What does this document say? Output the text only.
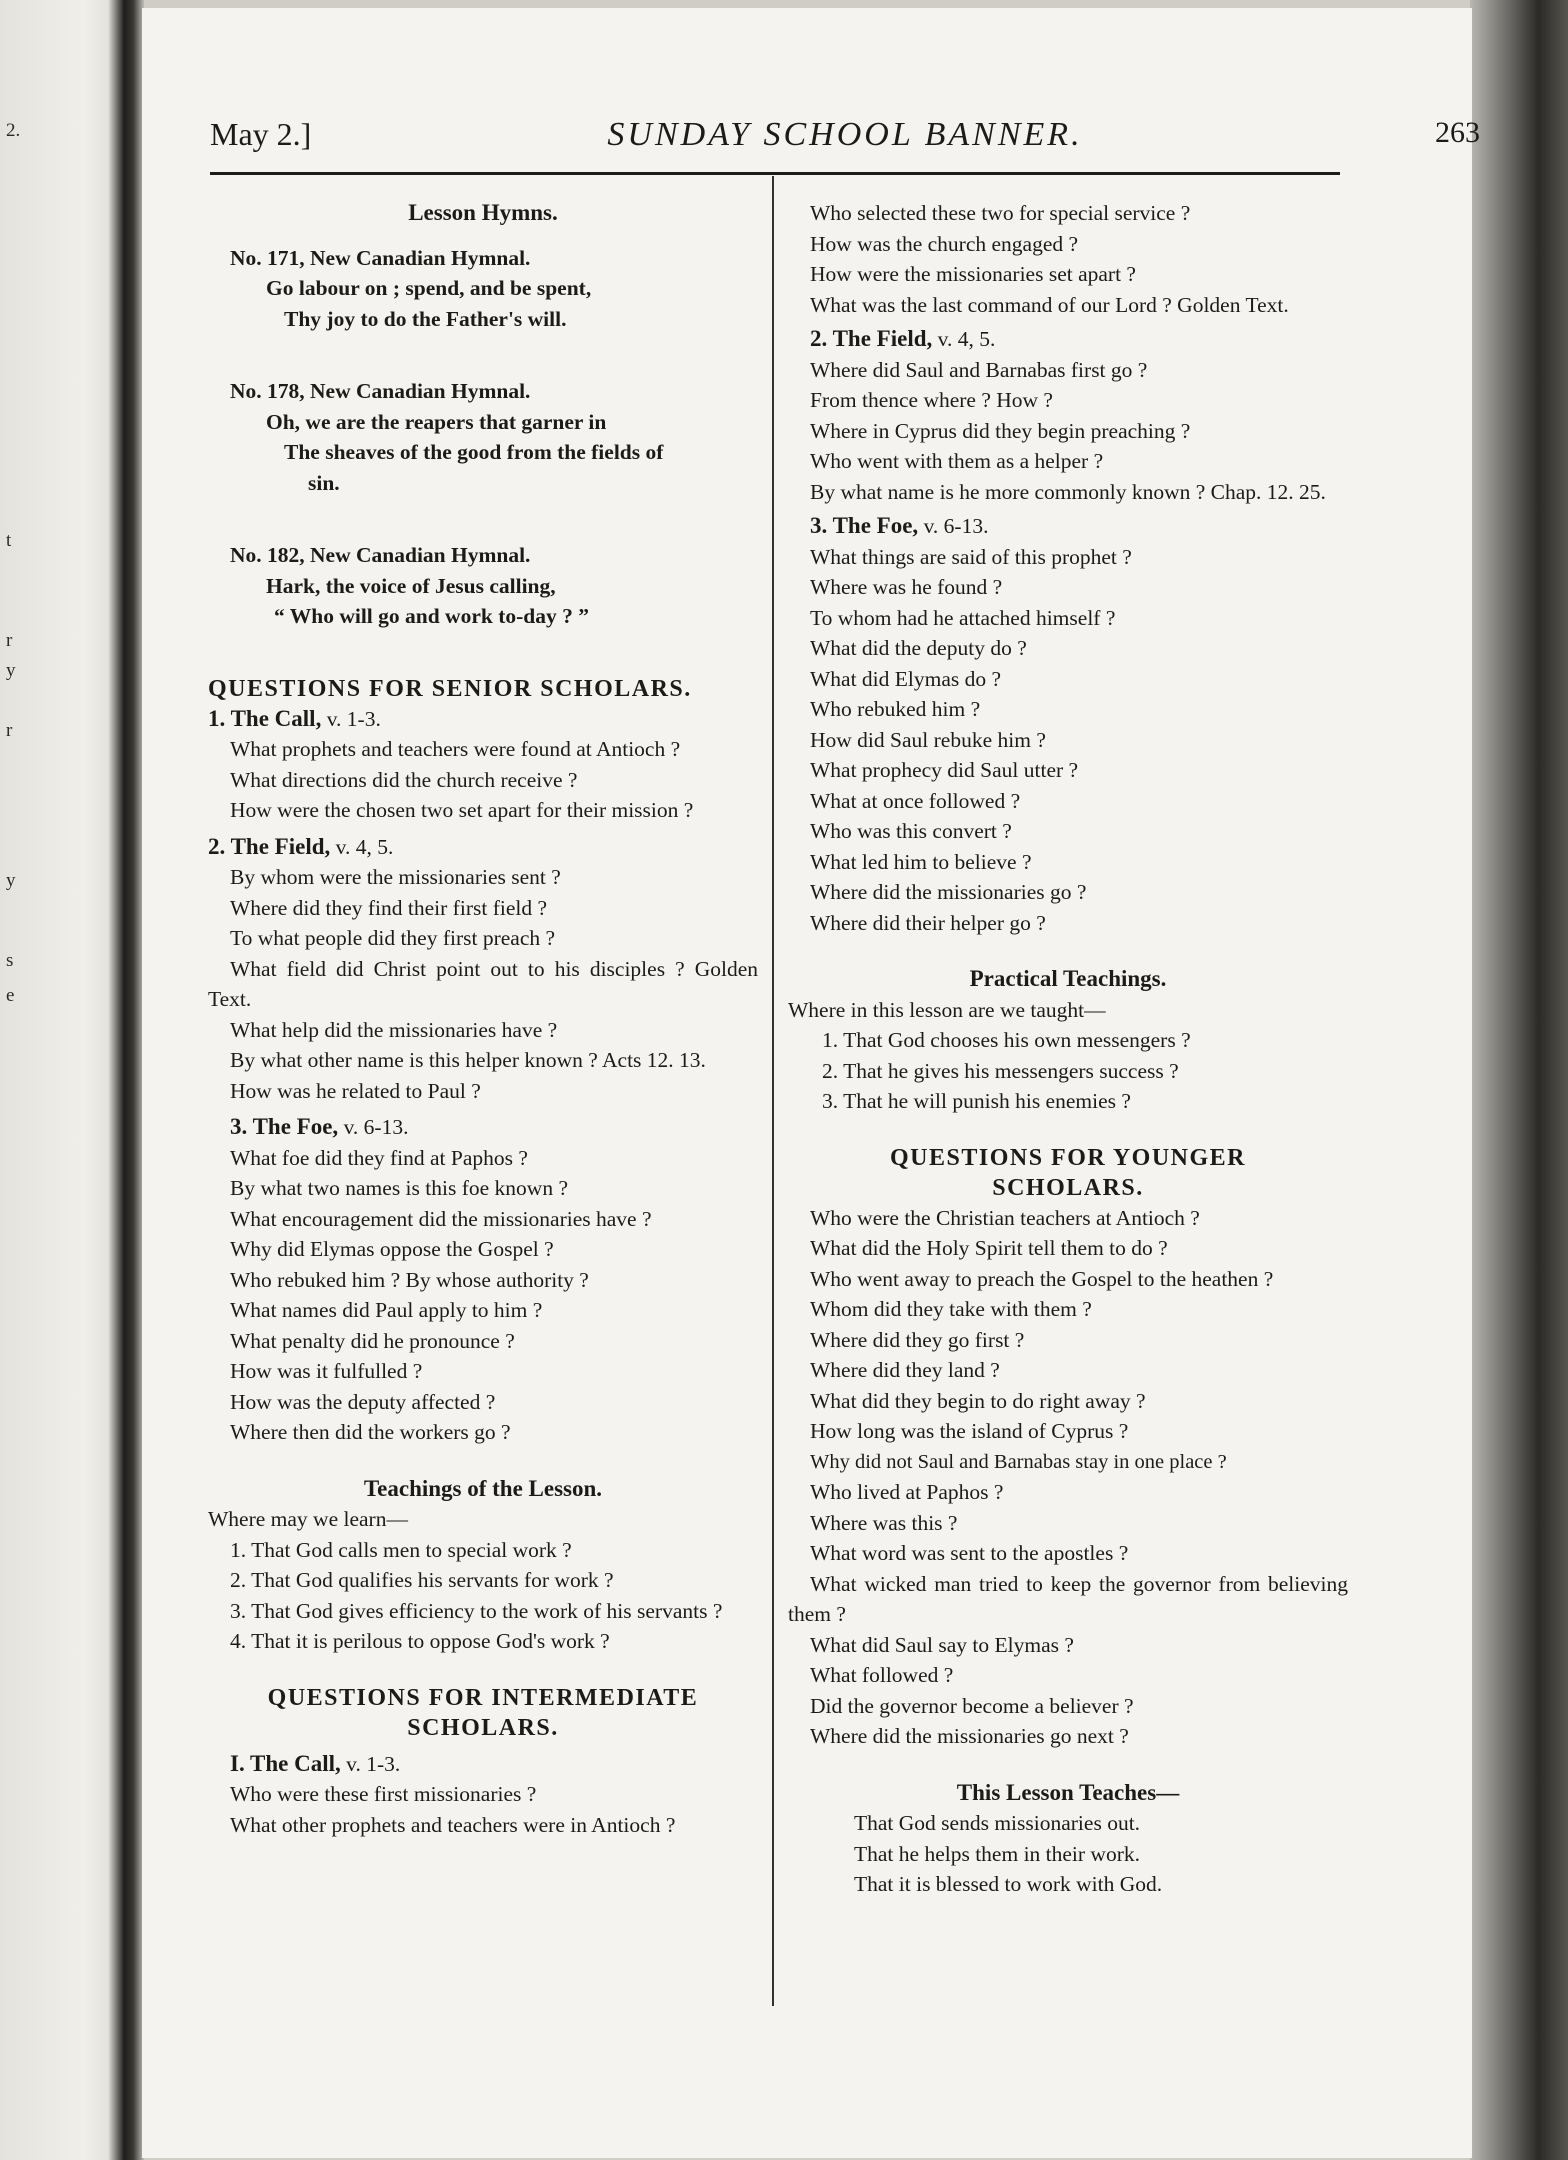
2.
t
r
y
r
s
y
e
May 2.]	SUNDAY SCHOOL BANNER.	263

Lesson Hymns.

No. 171, New Canadian Hymnal.

Go labour on ; spend, and be spent,

Thy joy to do the Father's will.

No. 178, New Canadian Hymnal.

Oh, we are the reapers that garner in

The sheaves of the good from the fields of

sin.

No. 182, New Canadian Hymnal.

Hark, the voice of Jesus calling,

“ Who will go and work to-day ? ”

QUESTIONS FOR SENIOR SCHOLARS.

1. The Call, v. 1-3.

What prophets and teachers were found at Antioch ?

What directions did the church receive ?

How were the chosen two set apart for their mission ?

2. The Field, v. 4, 5.

By whom were the missionaries sent ?

Where did they find their first field ?

To what people did they first preach ?

What field did Christ point out to his disciples ? Golden Text.

What help did the missionaries have ?

By what other name is this helper known ? Acts 12. 13.

How was he related to Paul ?

3. The Foe, v. 6-13.

What foe did they find at Paphos ?

By what two names is this foe known ?

What encouragement did the missionaries have ?

Why did Elymas oppose the Gospel ?

Who rebuked him ? By whose authority ?

What names did Paul apply to him ?

What penalty did he pronounce ?

How was it fulfulled ?

How was the deputy affected ?

Where then did the workers go ?

Teachings of the Lesson.

Where may we learn—

1. That God calls men to special work ?

2. That God qualifies his servants for work ?

3. That God gives efficiency to the work of his servants ?

4. That it is perilous to oppose God's work ?

QUESTIONS FOR INTERMEDIATE

SCHOLARS.

I. The Call, v. 1-3.

Who were these first missionaries ?

What other prophets and teachers were in Antioch ?

Who selected these two for special service ?

How was the church engaged ?

How were the missionaries set apart ?

What was the last command of our Lord ? Golden Text.

2. The Field, v. 4, 5.

Where did Saul and Barnabas first go ?

From thence where ? How ?

Where in Cyprus did they begin preaching ?

Who went with them as a helper ?

By what name is he more commonly known ? Chap. 12. 25.

3. The Foe, v. 6-13.

What things are said of this prophet ?

Where was he found ?

To whom had he attached himself ?

What did the deputy do ?

What did Elymas do ?

Who rebuked him ?

How did Saul rebuke him ?

What prophecy did Saul utter ?

What at once followed ?

Who was this convert ?

What led him to believe ?

Where did the missionaries go ?

Where did their helper go ?

Practical Teachings.

Where in this lesson are we taught—

1. That God chooses his own messengers ?

2. That he gives his messengers success ?

3. That he will punish his enemies ?

QUESTIONS FOR YOUNGER

SCHOLARS.

Who were the Christian teachers at Antioch ?

What did the Holy Spirit tell them to do ?

Who went away to preach the Gospel to the heathen ?

Whom did they take with them ?

Where did they go first ?

Where did they land ?

What did they begin to do right away ?

How long was the island of Cyprus ?

Why did not Saul and Barnabas stay in one place ?

Who lived at Paphos ?

Where was this ?

What word was sent to the apostles ?

What wicked man tried to keep the governor from believing them ?

What did Saul say to Elymas ?

What followed ?

Did the governor become a believer ?

Where did the missionaries go next ?

This Lesson Teaches—

That God sends missionaries out.

That he helps them in their work.

That it is blessed to work with God.
